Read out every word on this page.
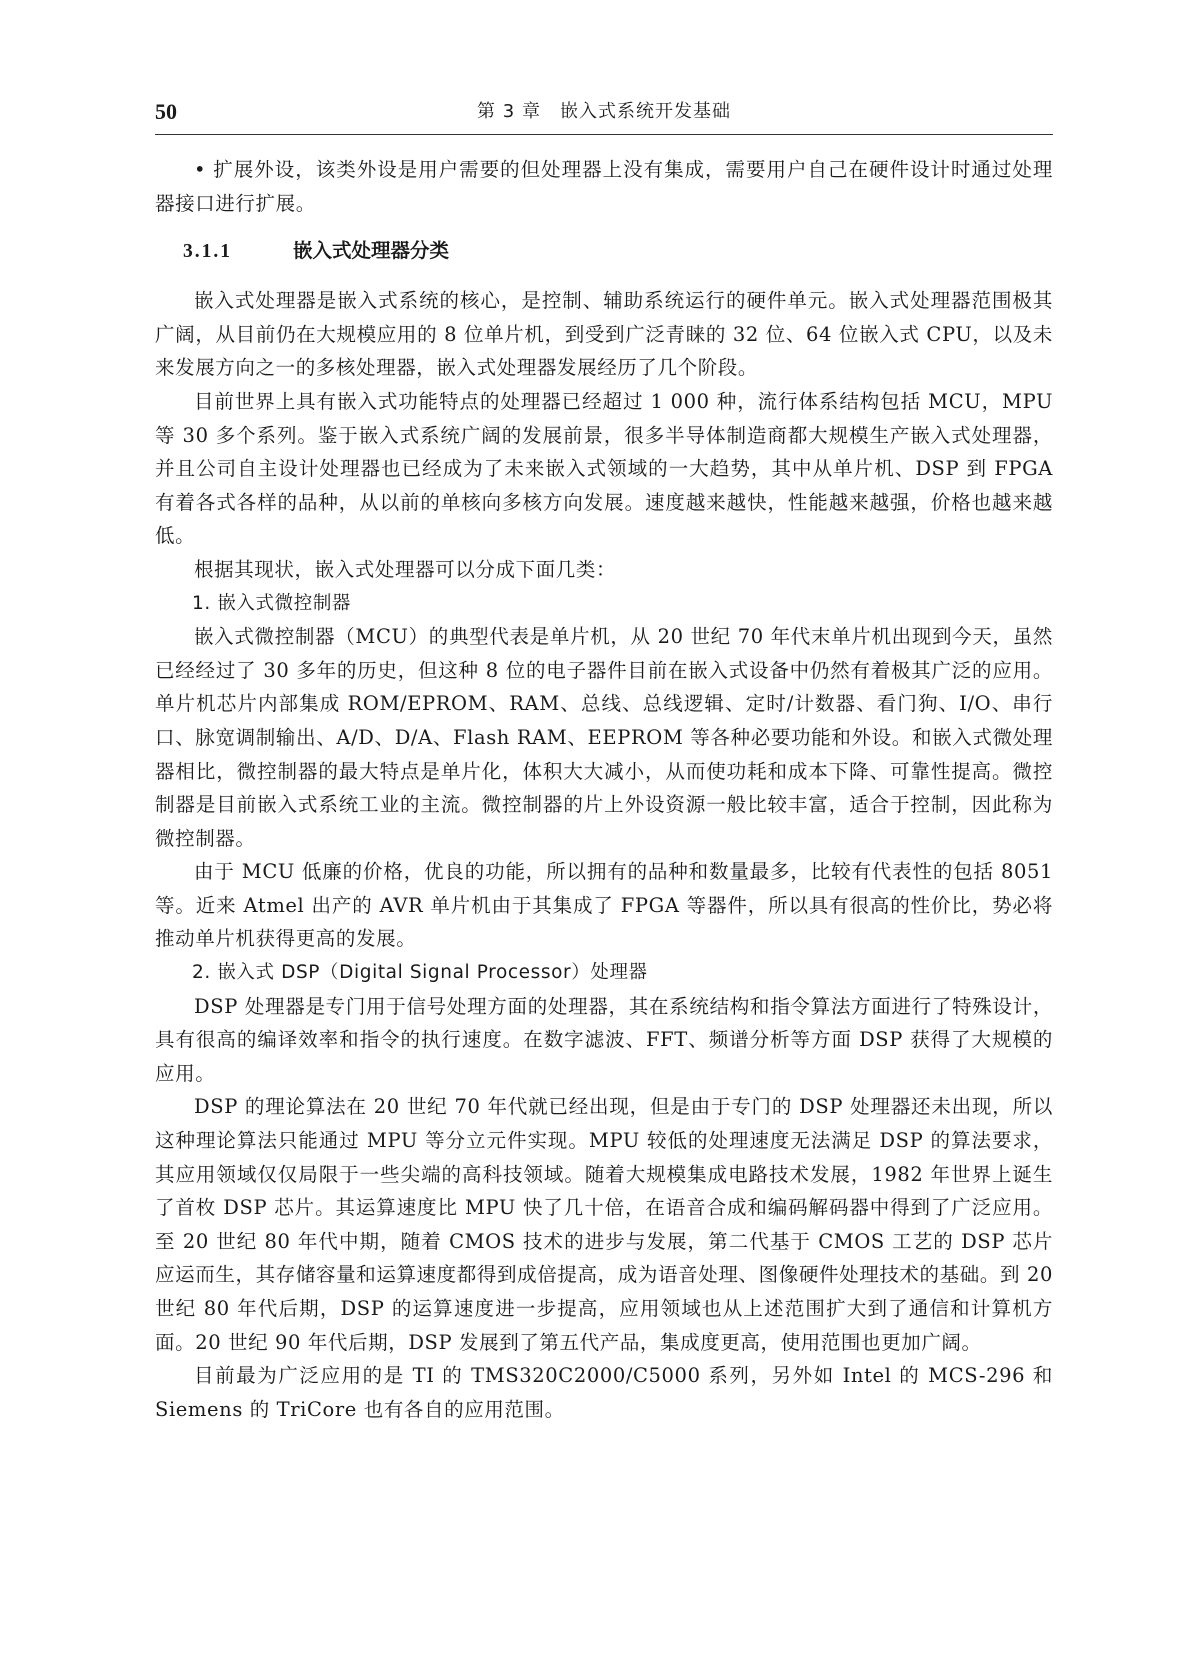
50	第 3 章　嵌入式系统开发基础

• 扩展外设，该类外设是用户需要的但处理器上没有集成，需要用户自己在硬件设计时通过处理器接口进行扩展。

3.1.1	嵌入式处理器分类

嵌入式处理器是嵌入式系统的核心，是控制、辅助系统运行的硬件单元。嵌入式处理器范围极其广阔，从目前仍在大规模应用的 8 位单片机，到受到广泛青睐的 32 位、64 位嵌入式 CPU，以及未来发展方向之一的多核处理器，嵌入式处理器发展经历了几个阶段。

目前世界上具有嵌入式功能特点的处理器已经超过 1 000 种，流行体系结构包括 MCU，MPU 等 30 多个系列。鉴于嵌入式系统广阔的发展前景，很多半导体制造商都大规模生产嵌入式处理器，并且公司自主设计处理器也已经成为了未来嵌入式领域的一大趋势，其中从单片机、DSP 到 FPGA 有着各式各样的品种，从以前的单核向多核方向发展。速度越来越快，性能越来越强，价格也越来越低。

根据其现状，嵌入式处理器可以分成下面几类：

1. 嵌入式微控制器

嵌入式微控制器（MCU）的典型代表是单片机，从 20 世纪 70 年代末单片机出现到今天，虽然已经经过了 30 多年的历史，但这种 8 位的电子器件目前在嵌入式设备中仍然有着极其广泛的应用。单片机芯片内部集成 ROM/EPROM、RAM、总线、总线逻辑、定时/计数器、看门狗、I/O、串行口、脉宽调制输出、A/D、D/A、Flash RAM、EEPROM 等各种必要功能和外设。和嵌入式微处理器相比，微控制器的最大特点是单片化，体积大大减小，从而使功耗和成本下降、可靠性提高。微控制器是目前嵌入式系统工业的主流。微控制器的片上外设资源一般比较丰富，适合于控制，因此称为微控制器。

由于 MCU 低廉的价格，优良的功能，所以拥有的品种和数量最多，比较有代表性的包括 8051 等。近来 Atmel 出产的 AVR 单片机由于其集成了 FPGA 等器件，所以具有很高的性价比，势必将推动单片机获得更高的发展。

2. 嵌入式 DSP（Digital Signal Processor）处理器

DSP 处理器是专门用于信号处理方面的处理器，其在系统结构和指令算法方面进行了特殊设计，具有很高的编译效率和指令的执行速度。在数字滤波、FFT、频谱分析等方面 DSP 获得了大规模的应用。

DSP 的理论算法在 20 世纪 70 年代就已经出现，但是由于专门的 DSP 处理器还未出现，所以这种理论算法只能通过 MPU 等分立元件实现。MPU 较低的处理速度无法满足 DSP 的算法要求，其应用领域仅仅局限于一些尖端的高科技领域。随着大规模集成电路技术发展，1982 年世界上诞生了首枚 DSP 芯片。其运算速度比 MPU 快了几十倍，在语音合成和编码解码器中得到了广泛应用。至 20 世纪 80 年代中期，随着 CMOS 技术的进步与发展，第二代基于 CMOS 工艺的 DSP 芯片应运而生，其存储容量和运算速度都得到成倍提高，成为语音处理、图像硬件处理技术的基础。到 20 世纪 80 年代后期，DSP 的运算速度进一步提高，应用领域也从上述范围扩大到了通信和计算机方面。20 世纪 90 年代后期，DSP 发展到了第五代产品，集成度更高，使用范围也更加广阔。

目前最为广泛应用的是 TI 的 TMS320C2000/C5000 系列，另外如 Intel 的 MCS-296 和 Siemens 的 TriCore 也有各自的应用范围。
